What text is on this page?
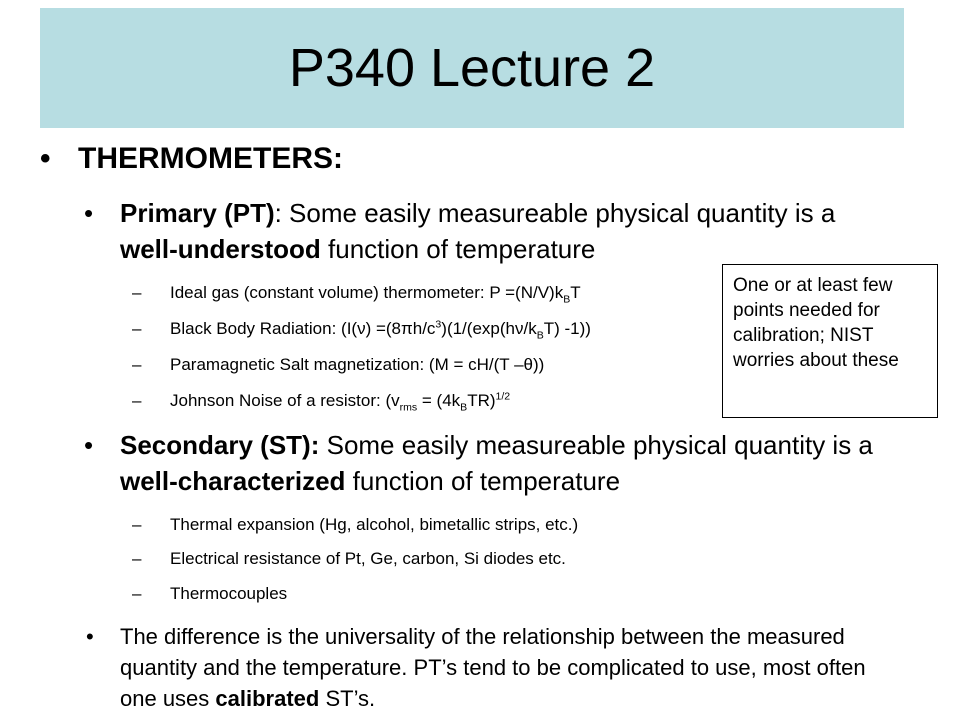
P340 Lecture 2
• THERMOMETERS:
• Primary (PT): Some easily measureable physical quantity is a well-understood function of temperature
– Ideal gas (constant volume) thermometer: $P =(N/V)k_BT$
– Black Body Radiation: ($I(\nu) =(8\pi h/c^3)(1/(\exp(h\nu/k_BT)$ -1))
– Paramagnetic Salt magnetization: (M = cH/(T –θ))
– Johnson Noise of a resistor: ($v_{rms} = (4k_BTR)^{1/2}$
One or at least few points needed for calibration; NIST worries about these
• Secondary (ST): Some easily measureable physical quantity is a well-characterized function of temperature
– Thermal expansion (Hg, alcohol, bimetallic strips, etc.)
– Electrical resistance of Pt, Ge, carbon, Si diodes etc.
– Thermocouples
• The difference is the universality of the relationship between the measured quantity and the temperature. PT’s tend to be complicated to use, most often one uses calibrated ST’s.
